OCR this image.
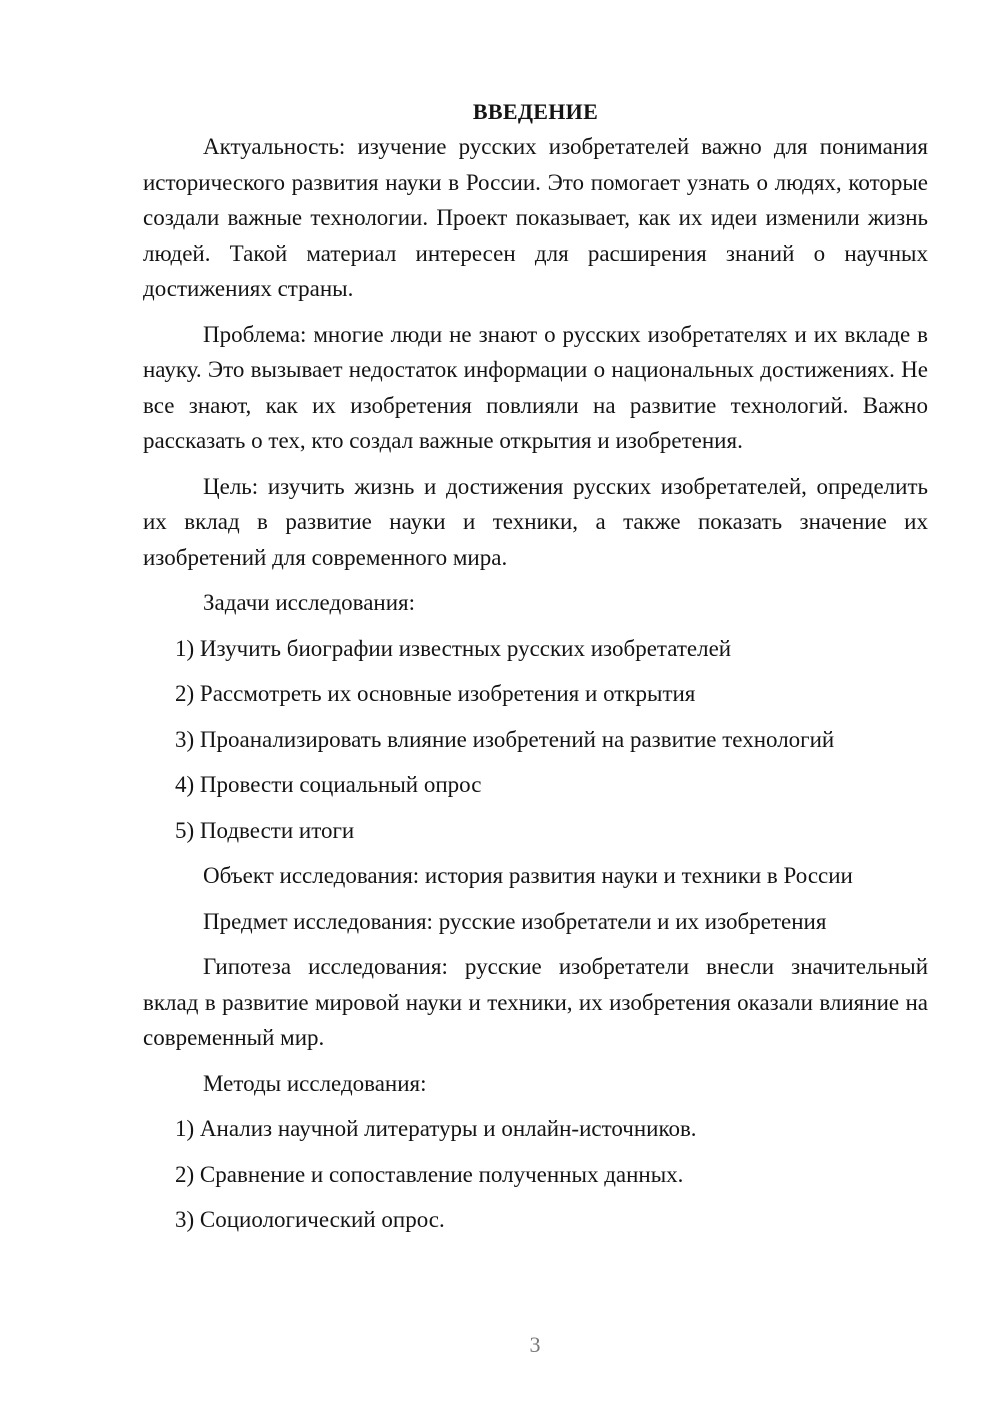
ВВЕДЕНИЕ

Актуальность: изучение русских изобретателей важно для понимания исторического развития науки в России. Это помогает узнать о людях, которые создали важные технологии. Проект показывает, как их идеи изменили жизнь людей. Такой материал интересен для расширения знаний о научных достижениях страны.

Проблема: многие люди не знают о русских изобретателях и их вкладе в науку. Это вызывает недостаток информации о национальных достижениях. Не все знают, как их изобретения повлияли на развитие технологий. Важно рассказать о тех, кто создал важные открытия и изобретения.

Цель: изучить жизнь и достижения русских изобретателей, определить их вклад в развитие науки и техники, а также показать значение их изобретений для современного мира.

Задачи исследования:
1) Изучить биографии известных русских изобретателей
2) Рассмотреть их основные изобретения и открытия
3) Проанализировать влияние изобретений на развитие технологий
4) Провести социальный опрос
5) Подвести итоги
Объект исследования: история развития науки и техники в России
Предмет исследования: русские изобретатели и их изобретения

Гипотеза исследования: русские изобретатели внесли значительный вклад в развитие мировой науки и техники, их изобретения оказали влияние на современный мир.

Методы исследования:
1) Анализ научной литературы и онлайн-источников.
2) Сравнение и сопоставление полученных данных.
3) Социологический опрос.
3
